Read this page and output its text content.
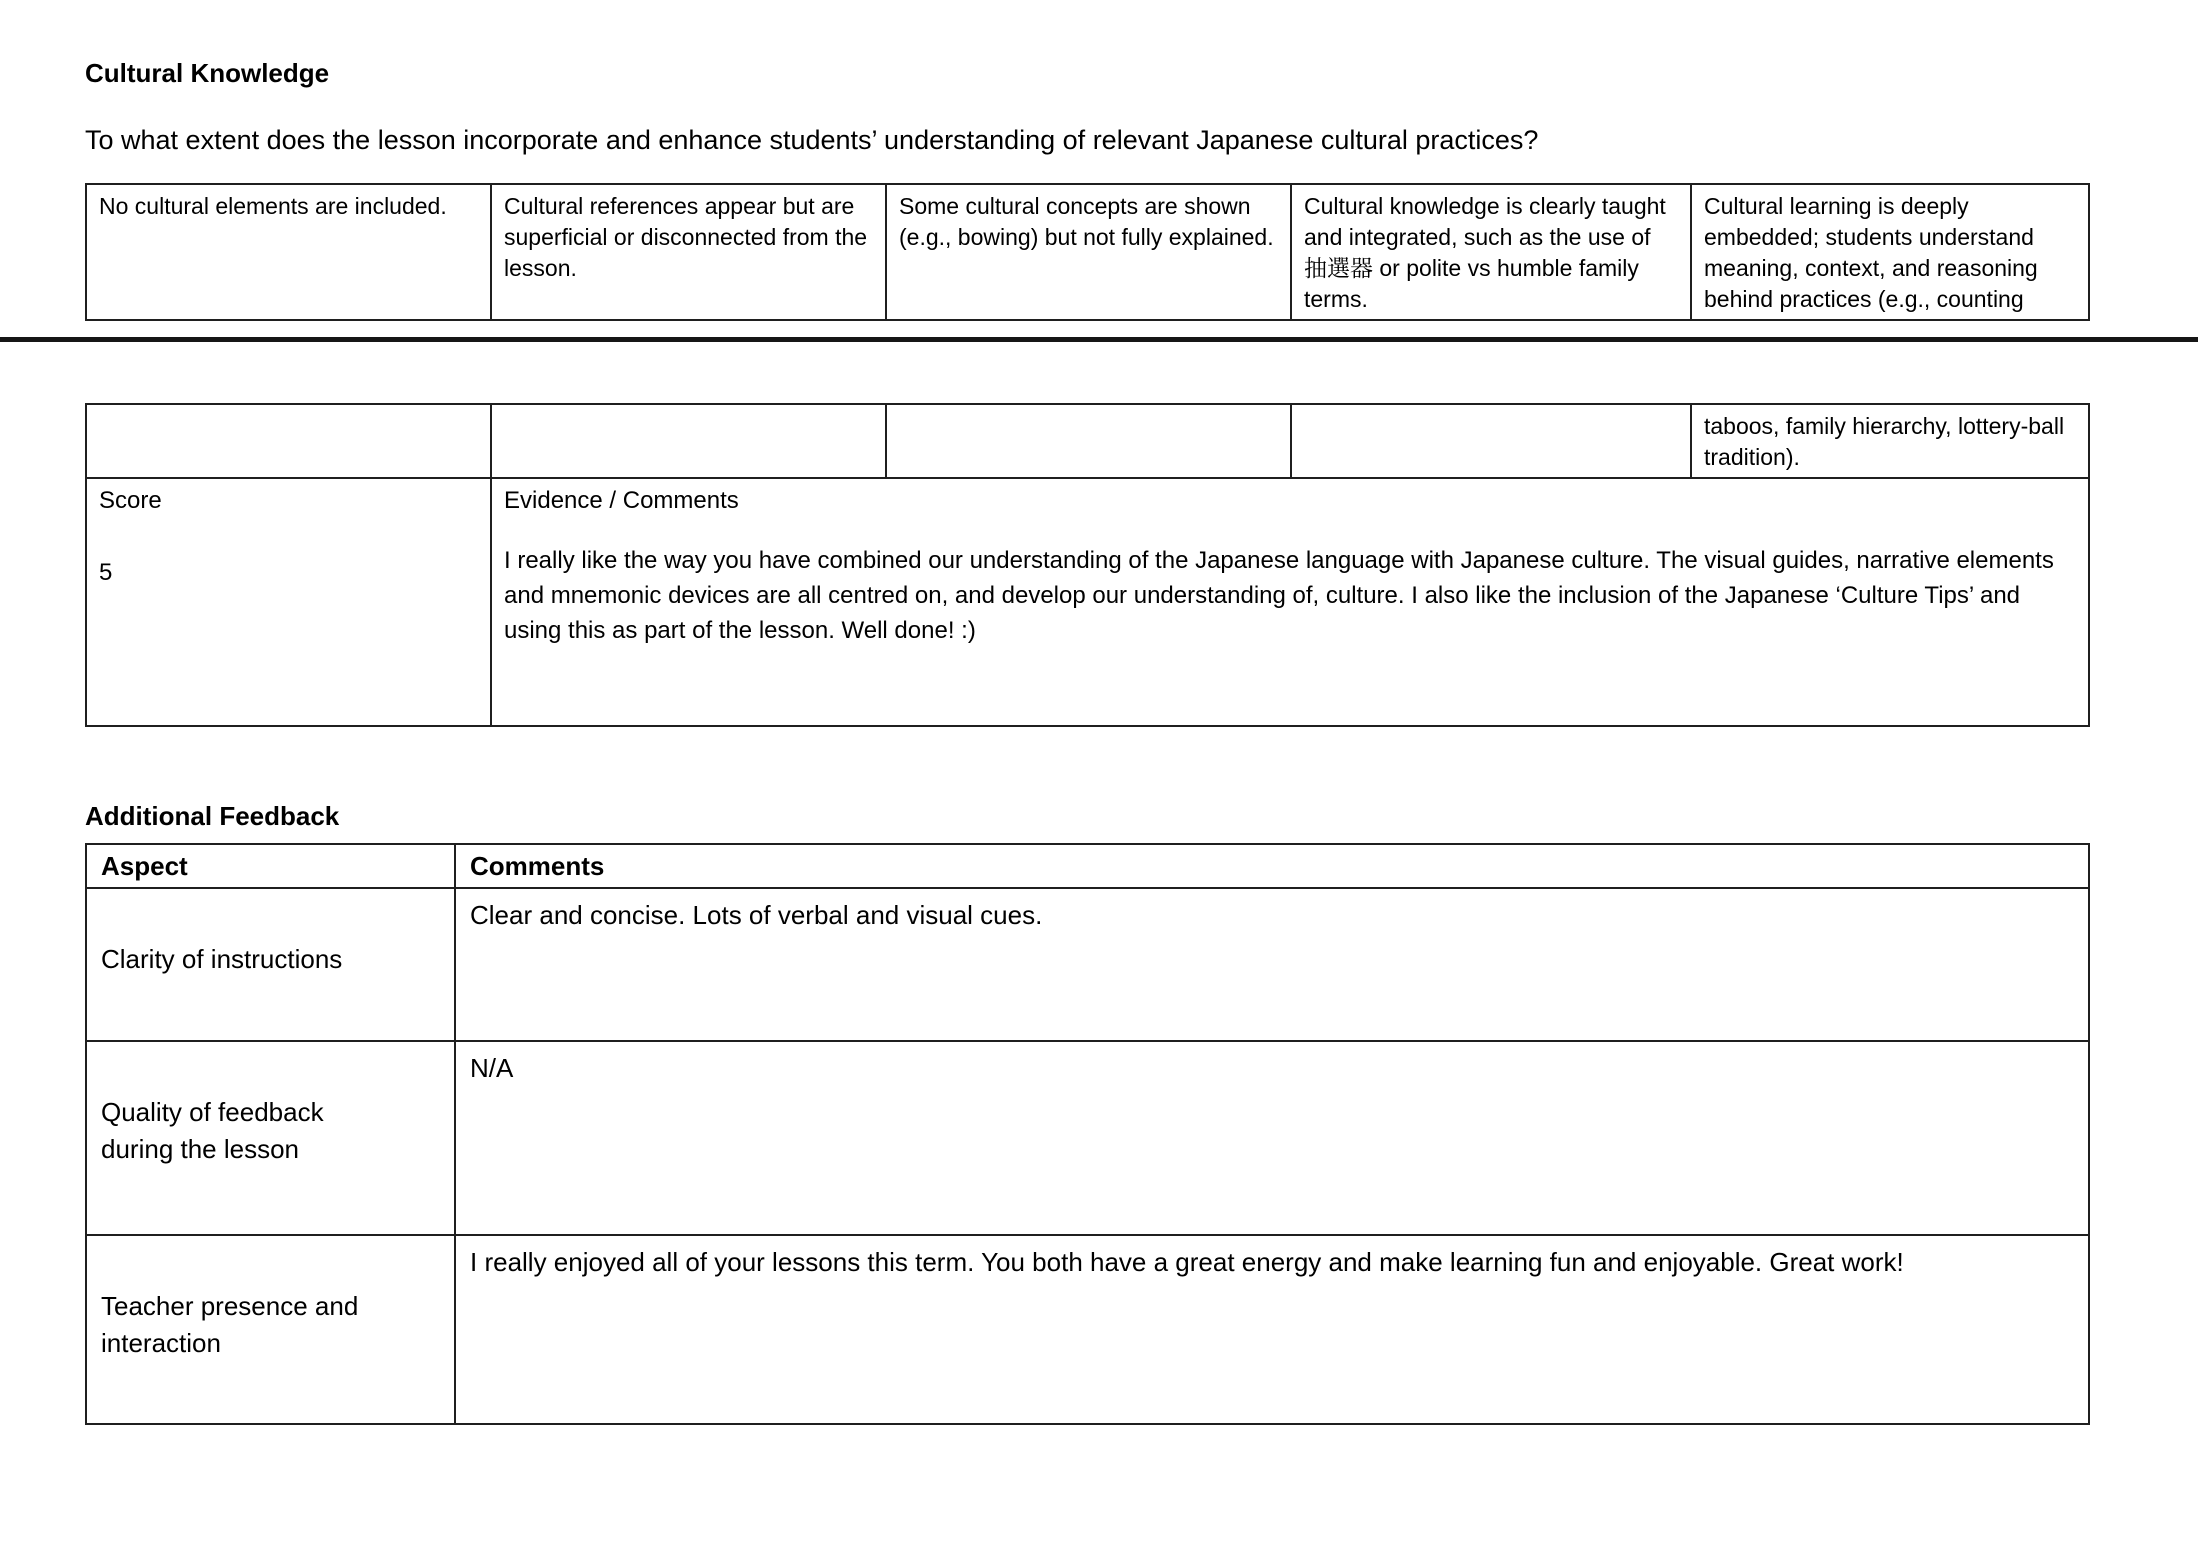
Cultural Knowledge
To what extent does the lesson incorporate and enhance students’ understanding of relevant Japanese cultural practices?
No cultural elements are included.	Cultural references appear but are superficial or disconnected from the lesson.	Some cultural concepts are shown (e.g., bowing) but not fully explained.	Cultural knowledge is clearly taught and integrated, such as the use of 抽選器 or polite vs humble family terms.	Cultural learning is deeply embedded; students understand meaning, context, and reasoning behind practices (e.g., counting
				taboos, family hierarchy, lottery-ball tradition).

Score
5

Evidence / Comments
I really like the way you have combined our understanding of the Japanese language with Japanese culture. The visual guides, narrative elements and mnemonic devices are all centred on, and develop our understanding of, culture. I also like the inclusion of the Japanese ‘Culture Tips’ and using this as part of the lesson. Well done! :)
Additional Feedback
Aspect	Comments
Clarity of instructions	Clear and concise. Lots of verbal and visual cues.
Quality of feedback during the lesson	N/A
Teacher presence and interaction	I really enjoyed all of your lessons this term. You both have a great energy and make learning fun and enjoyable. Great work!
